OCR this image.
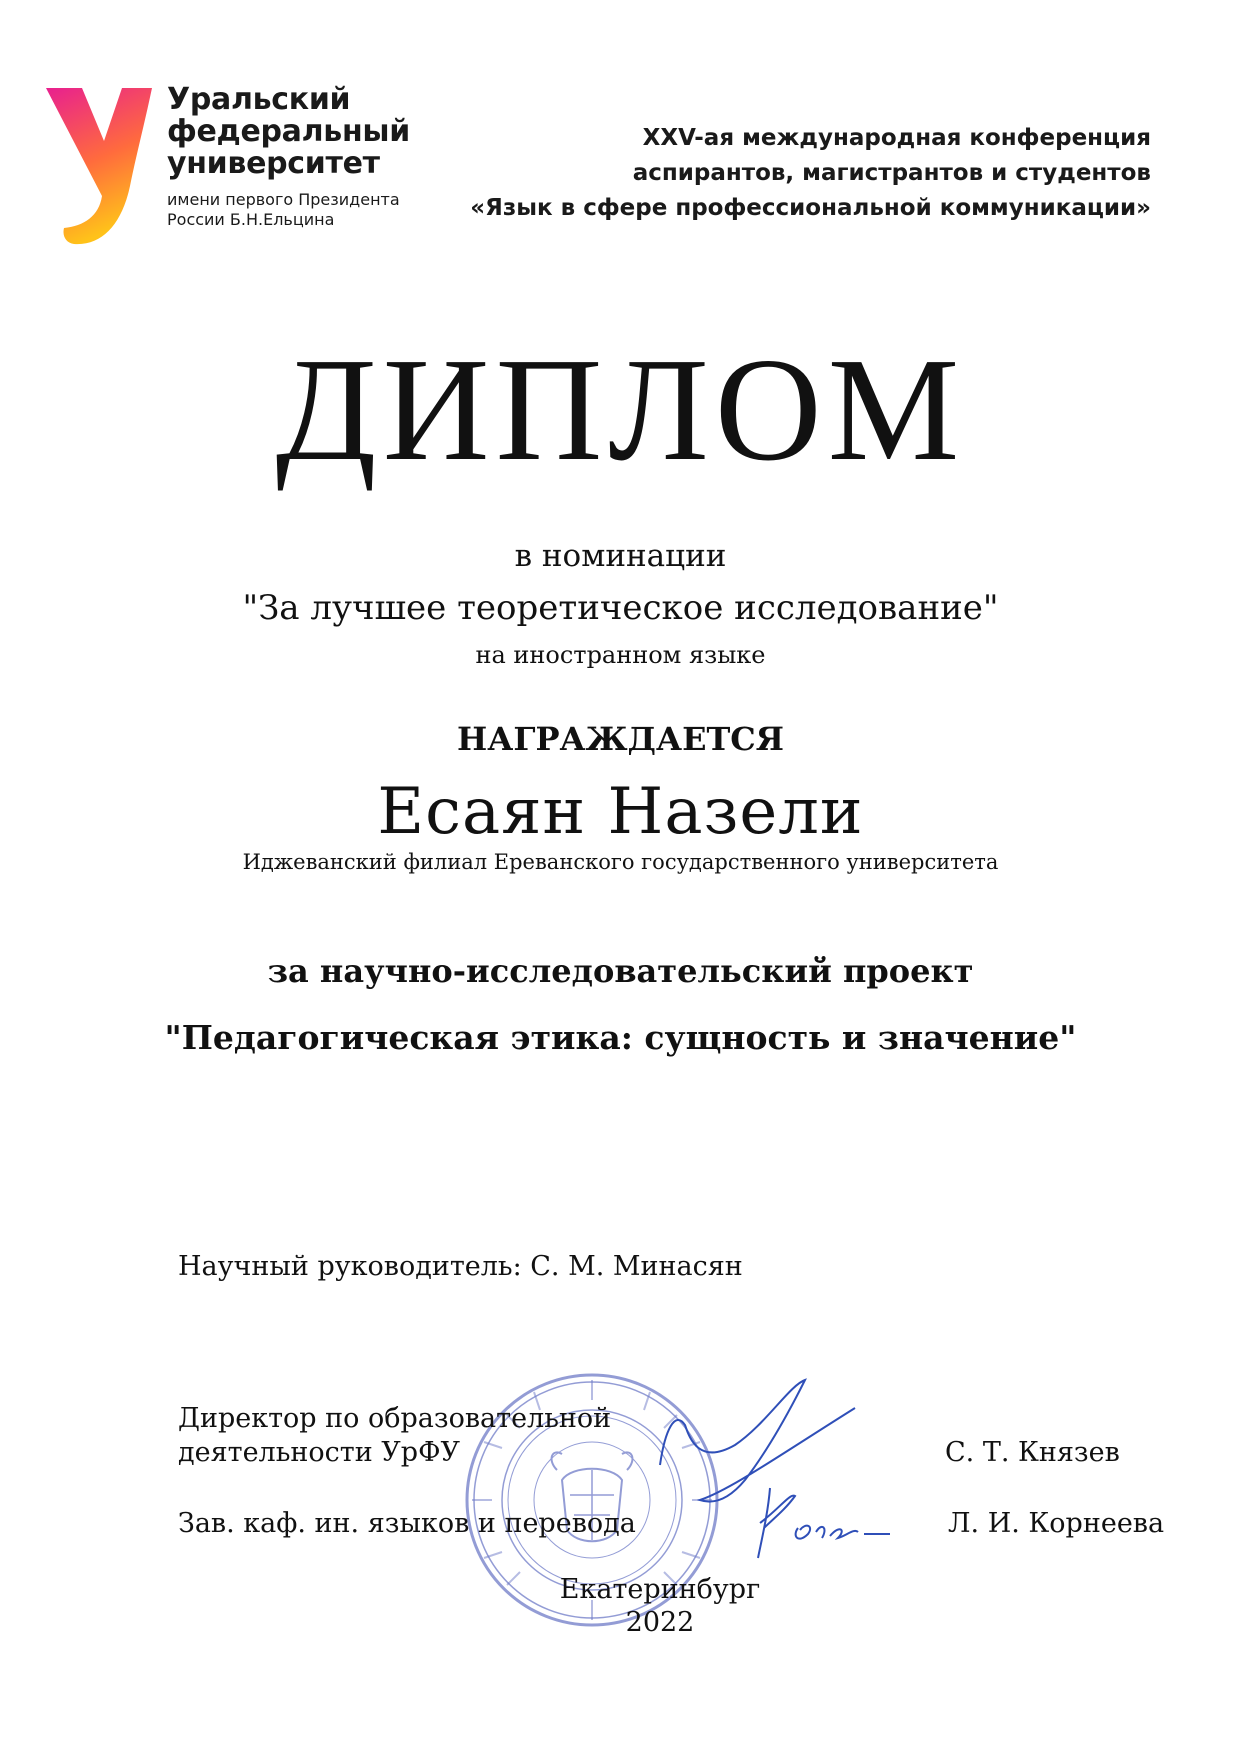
Уральский
федеральный
университет
имени первого Президента
России Б.Н.Ельцина
XXV-ая международная конференция
аспирантов, магистрантов и студентов
«Язык в сфере профессиональной коммуникации»
ДИПЛОМ
в номинации
"За лучшее теоретическое исследование"
на иностранном языке
НАГРАЖДАЕТСЯ
Есаян Назели
Иджеванский филиал Ереванского государственного университета
за научно-исследовательский проект
"Педагогическая этика: сущность и значение"
Научный руководитель: С. М. Минасян
Директор по образовательной
деятельности УрФУ	С. Т. Князев
Зав. каф. ин. языков и перевода	Л. И. Корнеева
Екатеринбург
2022
